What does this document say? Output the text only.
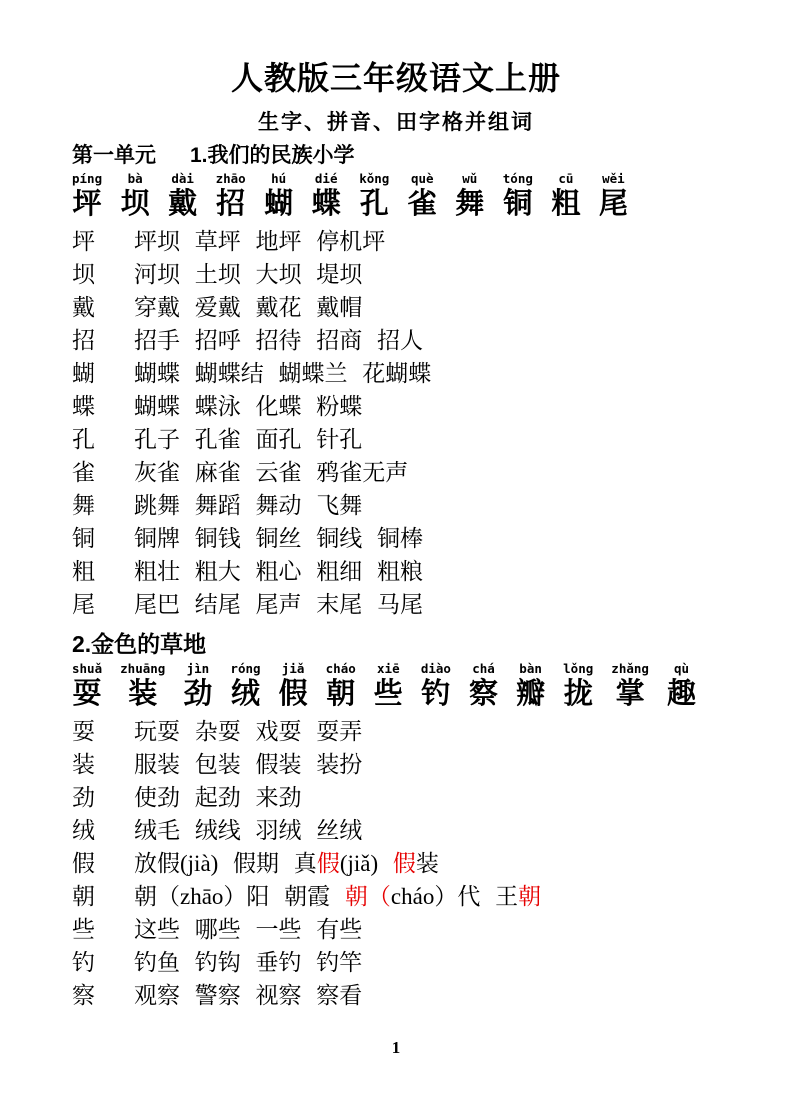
人教版三年级语文上册
生字、拼音、田字格并组词
第一单元 1.我们的民族小学
píng
坪
bà
坝
dài
戴
zhāo
招
hú
蝴
dié
蝶
kǒng
孔
què
雀
wǔ
舞
tóng
铜
cū
粗
wěi
尾
坪	坪坝 草坪 地坪 停机坪
坝	河坝 土坝 大坝 堤坝
戴	穿戴 爱戴 戴花 戴帽
招	招手 招呼 招待 招商 招人
蝴	蝴蝶 蝴蝶结 蝴蝶兰 花蝴蝶
蝶	蝴蝶 蝶泳 化蝶 粉蝶
孔	孔子 孔雀 面孔 针孔
雀	灰雀 麻雀 云雀 鸦雀无声
舞	跳舞 舞蹈 舞动 飞舞
铜	铜牌 铜钱 铜丝 铜线 铜棒
粗	粗壮 粗大 粗心 粗细 粗粮
尾	尾巴 结尾 尾声 末尾 马尾
2.金色的草地
shuǎ
耍
zhuāng
装
jìn
劲
róng
绒
jiǎ
假
cháo
朝
xiē
些
diào
钓
chá
察
bàn
瓣
lǒng
拢
zhǎng
掌
qù
趣
耍	玩耍 杂耍 戏耍 耍弄
装	服装 包装 假装 装扮
劲	使劲 起劲 来劲
绒	绒毛 绒线 羽绒 丝绒
假	放假(jià) 假期 真假(jiǎ) 假装
朝	朝（zhāo）阳 朝霞 朝（cháo）代 王朝
些	这些 哪些 一些 有些
钓	钓鱼 钓钩 垂钓 钓竿
察	观察 警察 视察 察看
1
